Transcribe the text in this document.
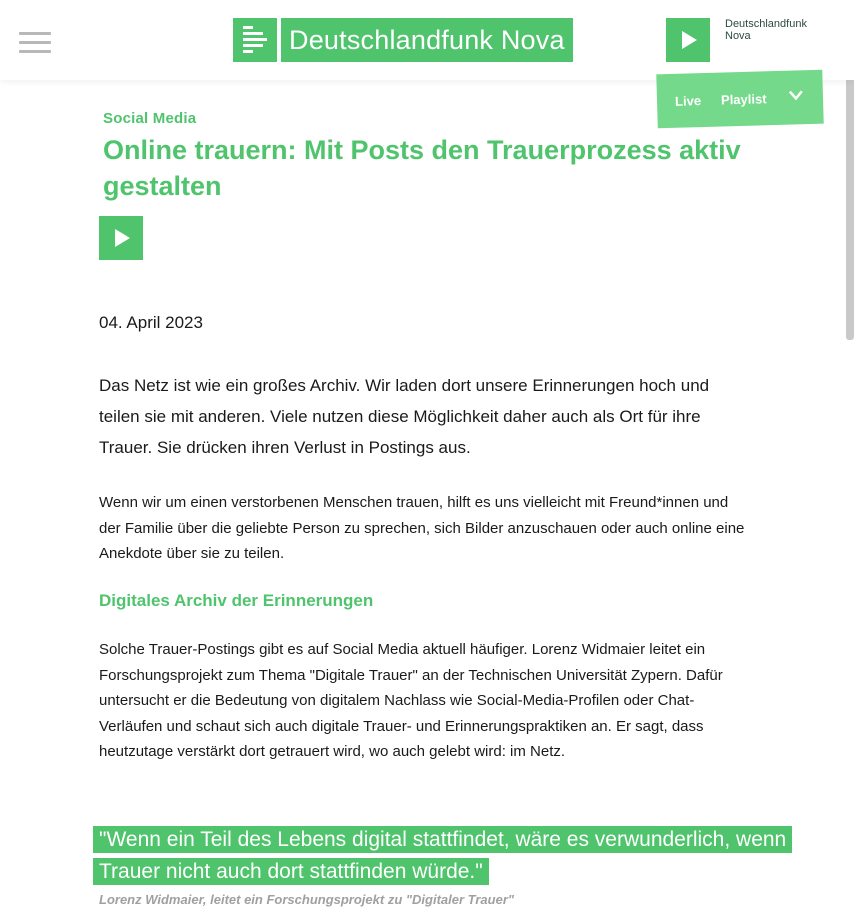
Deutschlandfunk Nova
Deutschlandfunk Nova
Live Playlist
Social Media
Online trauern: Mit Posts den Trauerprozess aktiv gestalten
04. April 2023

Das Netz ist wie ein großes Archiv. Wir laden dort unsere Erinnerungen hoch und teilen sie mit anderen. Viele nutzen diese Möglichkeit daher auch als Ort für ihre Trauer. Sie drücken ihren Verlust in Postings aus.

Wenn wir um einen verstorbenen Menschen trauen, hilft es uns vielleicht mit Freund*innen und der Familie über die geliebte Person zu sprechen, sich Bilder anzuschauen oder auch online eine Anekdote über sie zu teilen.

Digitales Archiv der Erinnerungen

Solche Trauer-Postings gibt es auf Social Media aktuell häufiger. Lorenz Widmaier leitet ein Forschungsprojekt zum Thema "Digitale Trauer" an der Technischen Universität Zypern. Dafür untersucht er die Bedeutung von digitalem Nachlass wie Social-Media-Profilen oder Chat-Verläufen und schaut sich auch digitale Trauer- und Erinnerungspraktiken an. Er sagt, dass heutzutage verstärkt dort getrauert wird, wo auch gelebt wird: im Netz.

"Wenn ein Teil des Lebens digital stattfindet, wäre es verwunderlich, wenn Trauer nicht auch dort stattfinden würde."
Lorenz Widmaier, leitet ein Forschungsprojekt zu "Digitaler Trauer"
